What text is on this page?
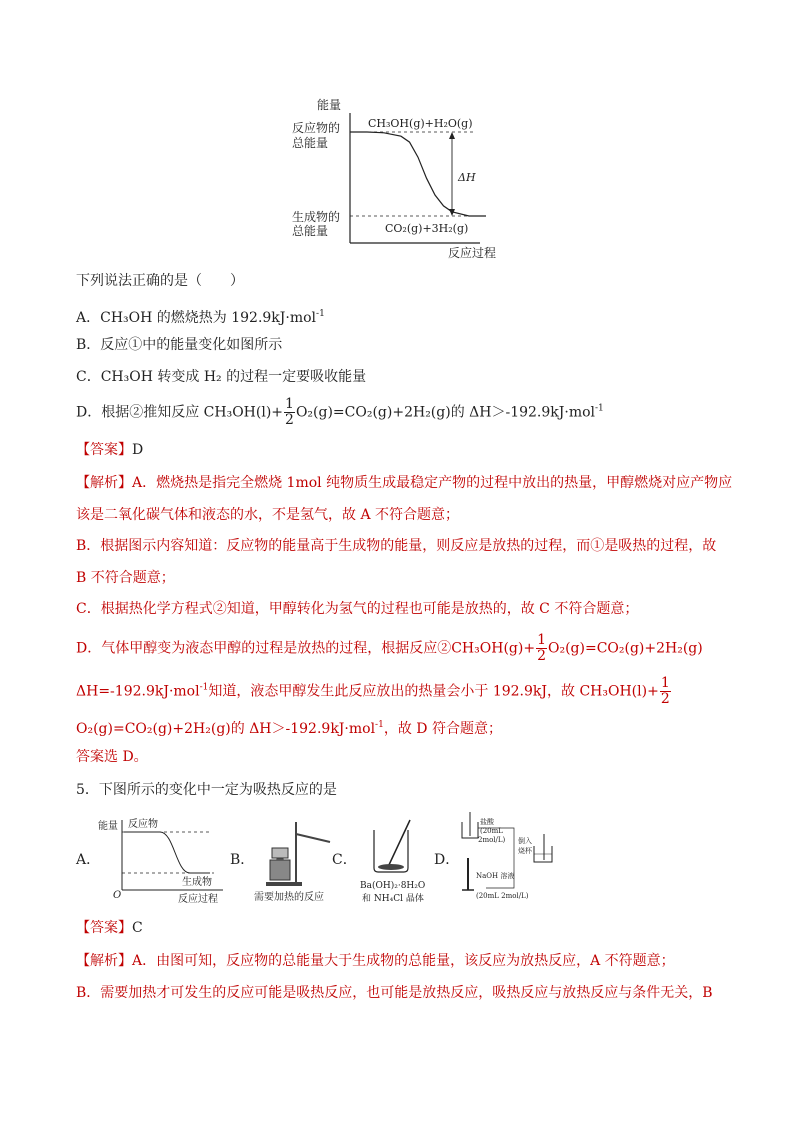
能量
反应物的
总能量
生成物的
总能量
CH₃OH(g)+H₂O(g)
CO₂(g)+3H₂(g)
ΔH
反应过程
下列说法正确的是（　　）
A．CH₃OH 的燃烧热为 192.9kJ·mol$^{-1}$
B．反应①中的能量变化如图所示
C．CH₃OH 转变成 H₂ 的过程一定要吸收能量
D．根据②推知反应 $CH_3OH(l)+ \frac{1}{2} O_2(g)=CO_2(g)+2H_2(g)$的 ΔH＞-192.9kJ·mol$^{-1}$
【答案】D
【解析】A．燃烧热是指完全燃烧 1mol 纯物质生成最稳定产物的过程中放出的热量，甲醇燃烧对应产物应
该是二氧化碳气体和液态的水，不是氢气，故 A 不符合题意；
B．根据图示内容知道：反应物的能量高于生成物的能量，则反应是放热的过程，而①是吸热的过程，故
B 不符合题意；
C．根据热化学方程式②知道，甲醇转化为氢气的过程也可能是放热的，故 C 不符合题意；
D．气体甲醇变为液态甲醇的过程是放热的过程，根据反应②CH₃OH(g)+ $\frac{1}{2} O_2(g)=CO_2(g)+2H_2(g)$
ΔH=-192.9kJ·mol$^{-1}$知道，液态甲醇发生此反应放出的热量会小于 192.9kJ，故 $CH_3OH(l)+ \frac{1}{2}$
O₂(g)=CO₂(g)+2H₂(g)的 ΔH＞-192.9kJ·mol$^{-1}$，故 D 符合题意；
答案选 D。
5．下图所示的变化中一定为吸热反应的是
A．
能量 反应物
生成物
反应过程
O
B．
需要加热的反应
C．
Ba(OH)₂·8H₂O
和 NH₄Cl 晶体
D．
盐酸
(20mL
2mol/L) 倒入
烧杯
NaOH 溶液
(20mL 2mol/L)
【答案】C
【解析】A．由图可知，反应物的总能量大于生成物的总能量，该反应为放热反应，A 不符题意；
B．需要加热才可发生的反应可能是吸热反应，也可能是放热反应，吸热反应与放热反应与条件无关，B
